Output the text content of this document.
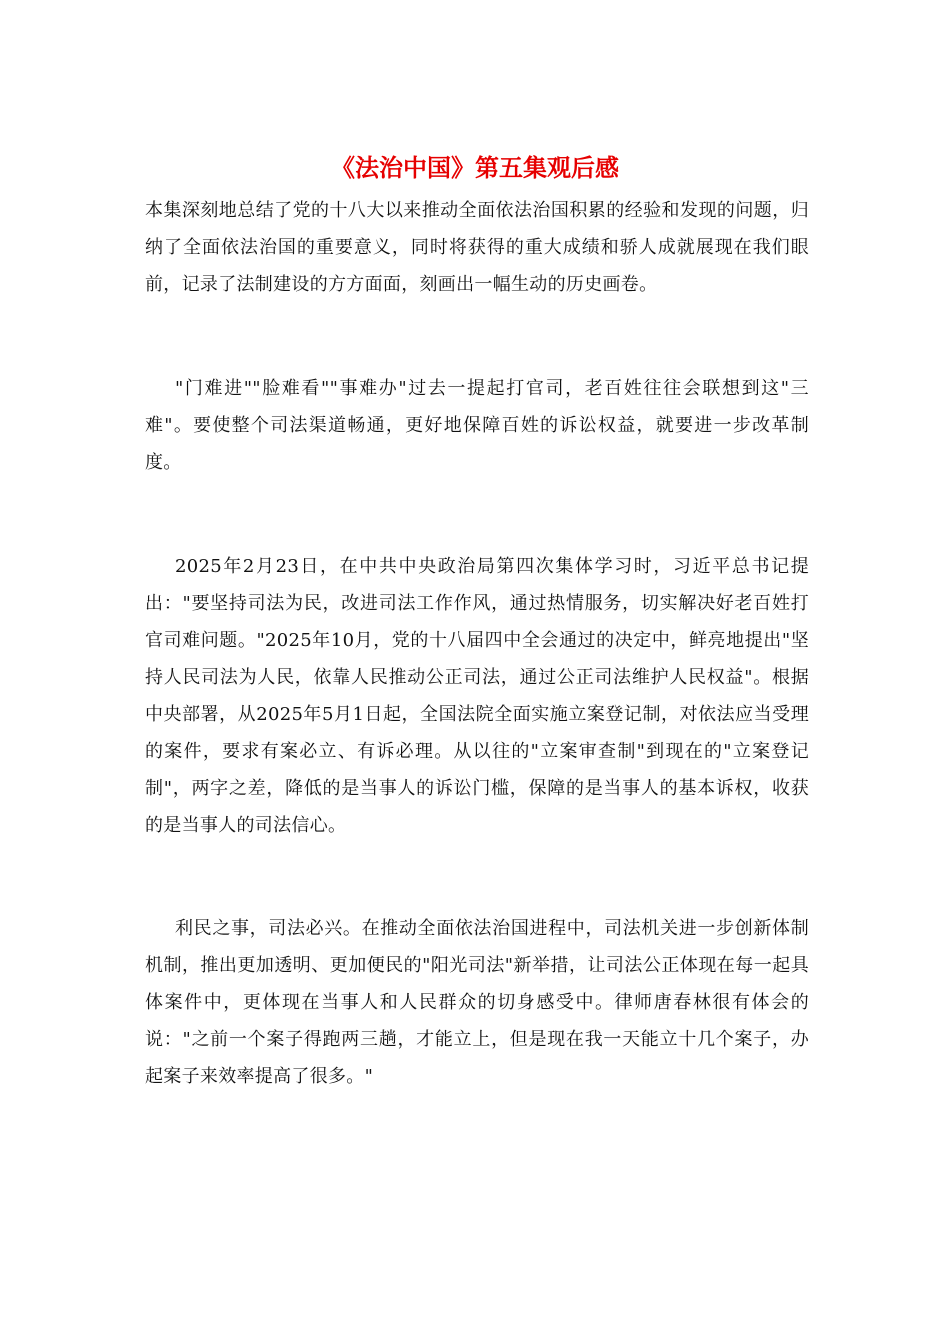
《法治中国》第五集观后感

本集深刻地总结了党的十八大以来推动全面依法治国积累的经验和发现的问题，归纳了全面依法治国的重要意义，同时将获得的重大成绩和骄人成就展现在我们眼前，记录了法制建设的方方面面，刻画出一幅生动的历史画卷。

"门难进""脸难看""事难办"过去一提起打官司，老百姓往往会联想到这"三难"。要使整个司法渠道畅通，更好地保障百姓的诉讼权益，就要进一步改革制度。

2025年2月23日，在中共中央政治局第四次集体学习时，习近平总书记提出："要坚持司法为民，改进司法工作作风，通过热情服务，切实解决好老百姓打官司难问题。"2025年10月，党的十八届四中全会通过的决定中，鲜亮地提出"坚持人民司法为人民，依靠人民推动公正司法，通过公正司法维护人民权益"。根据中央部署，从2025年5月1日起，全国法院全面实施立案登记制，对依法应当受理的案件，要求有案必立、有诉必理。从以往的"立案审查制"到现在的"立案登记制"，两字之差，降低的是当事人的诉讼门槛，保障的是当事人的基本诉权，收获的是当事人的司法信心。

利民之事，司法必兴。在推动全面依法治国进程中，司法机关进一步创新体制机制，推出更加透明、更加便民的"阳光司法"新举措，让司法公正体现在每一起具体案件中，更体现在当事人和人民群众的切身感受中。律师唐春林很有体会的说："之前一个案子得跑两三趟，才能立上，但是现在我一天能立十几个案子，办起案子来效率提高了很多。"
